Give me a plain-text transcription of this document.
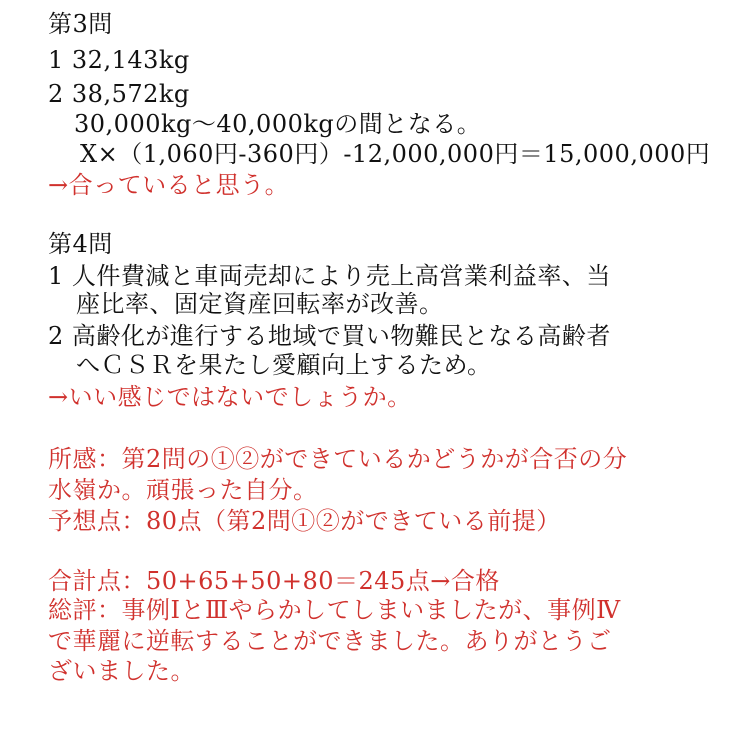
第3問
1 32,143kg
2 38,572kg
30,000kg〜40,000kgの間となる。
X×（1,060円-360円）-12,000,000円＝15,000,000円
→合っていると思う。
第4問
1 人件費減と車両売却により売上高営業利益率、当
座比率、固定資産回転率が改善。
2 高齢化が進行する地域で買い物難民となる高齢者
へＣＳＲを果たし愛顧向上するため。
→いい感じではないでしょうか。
所感：第2問の①②ができているかどうかが合否の分
水嶺か。頑張った自分。
予想点：80点（第2問①②ができている前提）
合計点：50+65+50+80＝245点→合格
総評：事例ⅠとⅢやらかしてしまいましたが、事例Ⅳ
で華麗に逆転することができました。ありがとうご
ざいました。
